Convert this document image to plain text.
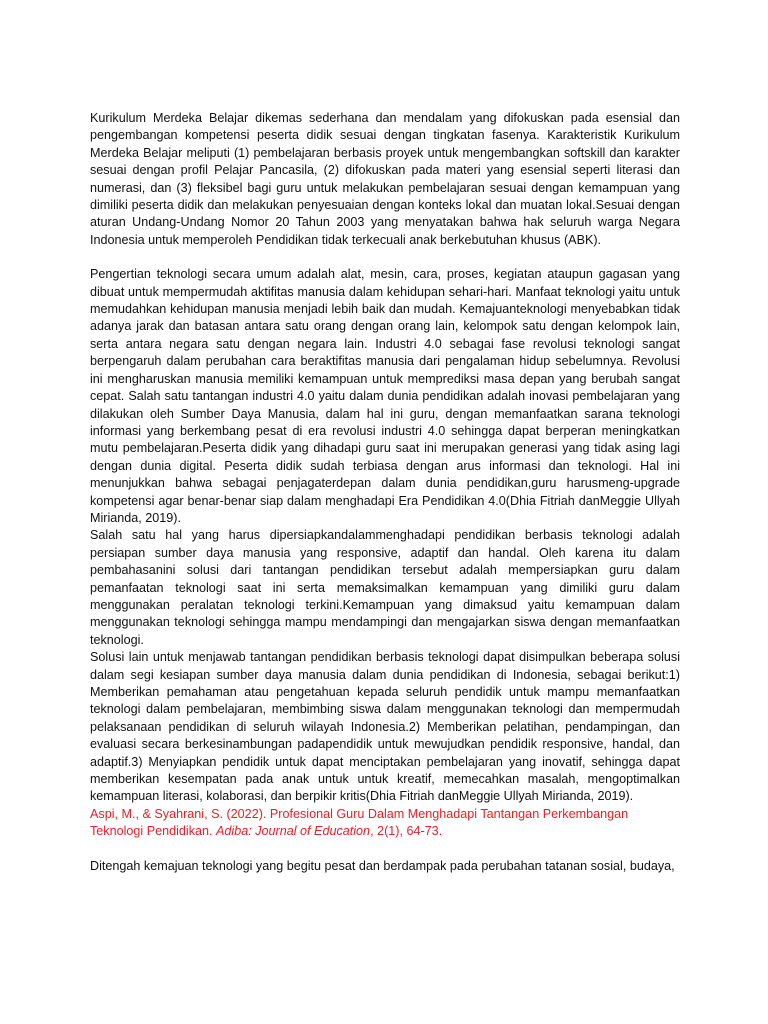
Kurikulum Merdeka Belajar dikemas sederhana dan mendalam yang difokuskan pada esensial dan pengembangan kompetensi peserta didik sesuai dengan tingkatan fasenya. Karakteristik Kurikulum Merdeka Belajar meliputi (1) pembelajaran berbasis proyek untuk mengembangkan softskill dan karakter sesuai dengan profil Pelajar Pancasila, (2) difokuskan pada materi yang esensial seperti literasi dan numerasi, dan (3) fleksibel bagi guru untuk melakukan pembelajaran sesuai dengan kemampuan yang dimiliki peserta didik dan melakukan penyesuaian dengan konteks lokal dan muatan lokal.Sesuai dengan aturan Undang-Undang Nomor 20 Tahun 2003 yang menyatakan bahwa hak seluruh warga Negara Indonesia untuk memperoleh Pendidikan tidak terkecuali anak berkebutuhan khusus (ABK).

Pengertian teknologi secara umum adalah alat, mesin, cara, proses, kegiatan ataupun gagasan yang dibuat untuk mempermudah aktifitas manusia dalam kehidupan sehari-hari. Manfaat teknologi yaitu untuk memudahkan kehidupan manusia menjadi lebih baik dan mudah. Kemajuanteknologi menyebabkan tidak adanya jarak dan batasan antara satu orang dengan orang lain, kelompok satu dengan kelompok lain, serta antara negara satu dengan negara lain. Industri 4.0 sebagai fase revolusi teknologi sangat berpengaruh dalam perubahan cara beraktifitas manusia dari pengalaman hidup sebelumnya. Revolusi ini mengharuskan manusia memiliki kemampuan untuk memprediksi masa depan yang berubah sangat cepat. Salah satu tantangan industri 4.0 yaitu dalam dunia pendidikan adalah inovasi pembelajaran yang dilakukan oleh Sumber Daya Manusia, dalam hal ini guru, dengan memanfaatkan sarana teknologi informasi yang berkembang pesat di era revolusi industri 4.0 sehingga dapat berperan meningkatkan mutu pembelajaran.Peserta didik yang dihadapi guru saat ini merupakan generasi yang tidak asing lagi dengan dunia digital. Peserta didik sudah terbiasa dengan arus informasi dan teknologi. Hal ini menunjukkan bahwa sebagai penjagaterdepan dalam dunia pendidikan,guru harusmeng-upgrade kompetensi agar benar-benar siap dalam menghadapi Era Pendidikan 4.0(Dhia Fitriah danMeggie Ullyah Mirianda, 2019).

Salah satu hal yang harus dipersiapkandalammenghadapi pendidikan berbasis teknologi adalah persiapan sumber daya manusia yang responsive, adaptif dan handal. Oleh karena itu dalam pembahasanini solusi dari tantangan pendidikan tersebut adalah mempersiapkan guru dalam pemanfaatan teknologi saat ini serta memaksimalkan kemampuan yang dimiliki guru dalam menggunakan peralatan teknologi terkini.Kemampuan yang dimaksud yaitu kemampuan dalam menggunakan teknologi sehingga mampu mendampingi dan mengajarkan siswa dengan memanfaatkan teknologi.

Solusi lain untuk menjawab tantangan pendidikan berbasis teknologi dapat disimpulkan beberapa solusi dalam segi kesiapan sumber daya manusia dalam dunia pendidikan di Indonesia, sebagai berikut:1) Memberikan pemahaman atau pengetahuan kepada seluruh pendidik untuk mampu memanfaatkan teknologi dalam pembelajaran, membimbing siswa dalam menggunakan teknologi dan mempermudah pelaksanaan pendidikan di seluruh wilayah Indonesia.2) Memberikan pelatihan, pendampingan, dan evaluasi secara berkesinambungan padapendidik untuk mewujudkan pendidik responsive, handal, dan adaptif.3) Menyiapkan pendidik untuk dapat menciptakan pembelajaran yang inovatif, sehingga dapat memberikan kesempatan pada anak untuk untuk kreatif, memecahkan masalah, mengoptimalkan kemampuan literasi, kolaborasi, dan berpikir kritis(Dhia Fitriah danMeggie Ullyah Mirianda, 2019).

Aspi, M., & Syahrani, S. (2022). Profesional Guru Dalam Menghadapi Tantangan Perkembangan Teknologi Pendidikan. Adiba: Journal of Education, 2(1), 64-73.

Ditengah kemajuan teknologi yang begitu pesat dan berdampak pada perubahan tatanan sosial, budaya,
